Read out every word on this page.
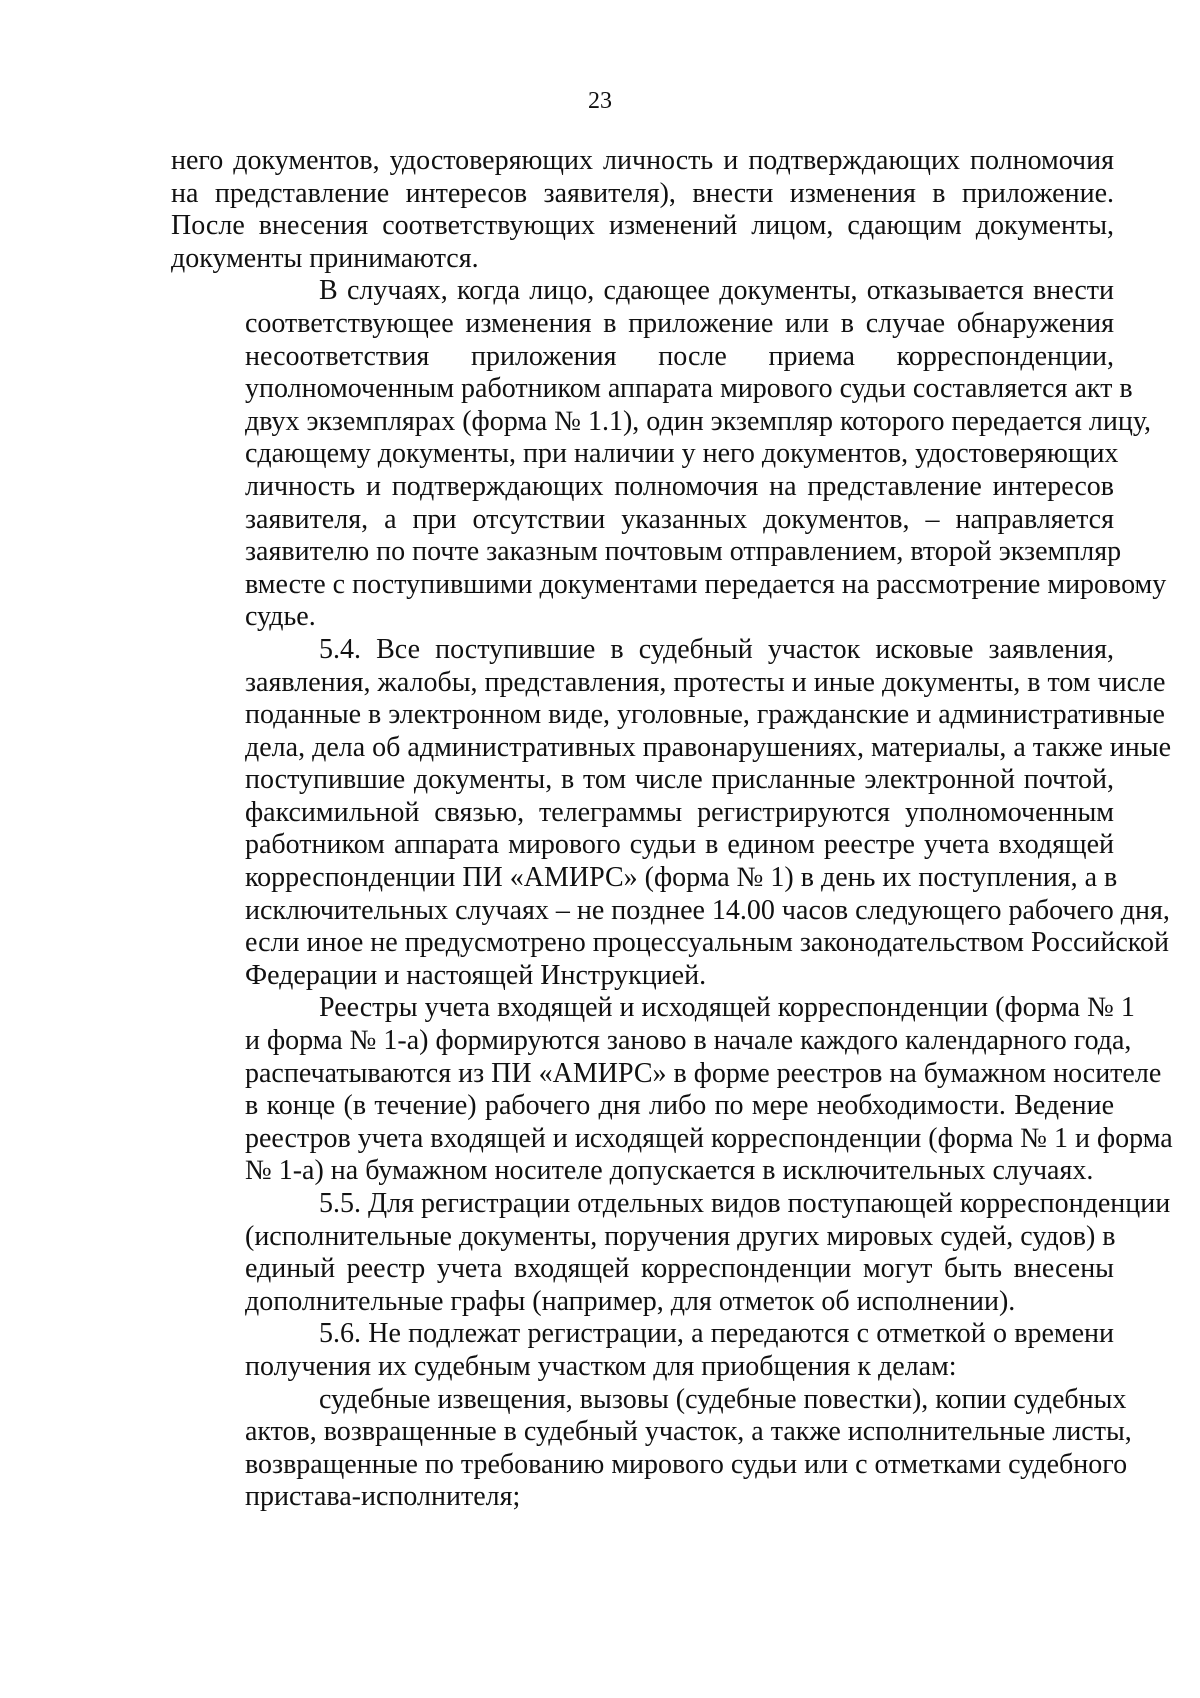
23
него документов, удостоверяющих личность и подтверждающих полномочия
на представление интересов заявителя), внести изменения в приложение.
После внесения соответствующих изменений лицом, сдающим документы,
документы принимаются.
В случаях, когда лицо, сдающее документы, отказывается внести
соответствующее изменения в приложение или в случае обнаружения
несоответствия приложения после приема корреспонденции,
уполномоченным работником аппарата мирового судьи составляется акт в
двух экземплярах (форма № 1.1), один экземпляр которого передается лицу,
сдающему документы, при наличии у него документов, удостоверяющих
личность и подтверждающих полномочия на представление интересов
заявителя, а при отсутствии указанных документов, – направляется
заявителю по почте заказным почтовым отправлением, второй экземпляр
вместе с поступившими документами передается на рассмотрение мировому
судье.
5.4. Все поступившие в судебный участок исковые заявления,
заявления, жалобы, представления, протесты и иные документы, в том числе
поданные в электронном виде, уголовные, гражданские и административные
дела, дела об административных правонарушениях, материалы, а также иные
поступившие документы, в том числе присланные электронной почтой,
факсимильной связью, телеграммы регистрируются уполномоченным
работником аппарата мирового судьи в едином реестре учета входящей
корреспонденции ПИ «АМИРС» (форма № 1) в день их поступления, а в
исключительных случаях – не позднее 14.00 часов следующего рабочего дня,
если иное не предусмотрено процессуальным законодательством Российской
Федерации и настоящей Инструкцией.
Реестры учета входящей и исходящей корреспонденции (форма № 1
и форма № 1-а) формируются заново в начале каждого календарного года,
распечатываются из ПИ «АМИРС» в форме реестров на бумажном носителе
в конце (в течение) рабочего дня либо по мере необходимости. Ведение
реестров учета входящей и исходящей корреспонденции (форма № 1 и форма
№ 1-а) на бумажном носителе допускается в исключительных случаях.
5.5. Для регистрации отдельных видов поступающей корреспонденции
(исполнительные документы, поручения других мировых судей, судов) в
единый реестр учета входящей корреспонденции могут быть внесены
дополнительные графы (например, для отметок об исполнении).
5.6. Не подлежат регистрации, а передаются с отметкой о времени
получения их судебным участком для приобщения к делам:
судебные извещения, вызовы (судебные повестки), копии судебных
актов, возвращенные в судебный участок, а также исполнительные листы,
возвращенные по требованию мирового судьи или с отметками судебного
пристава-исполнителя;
